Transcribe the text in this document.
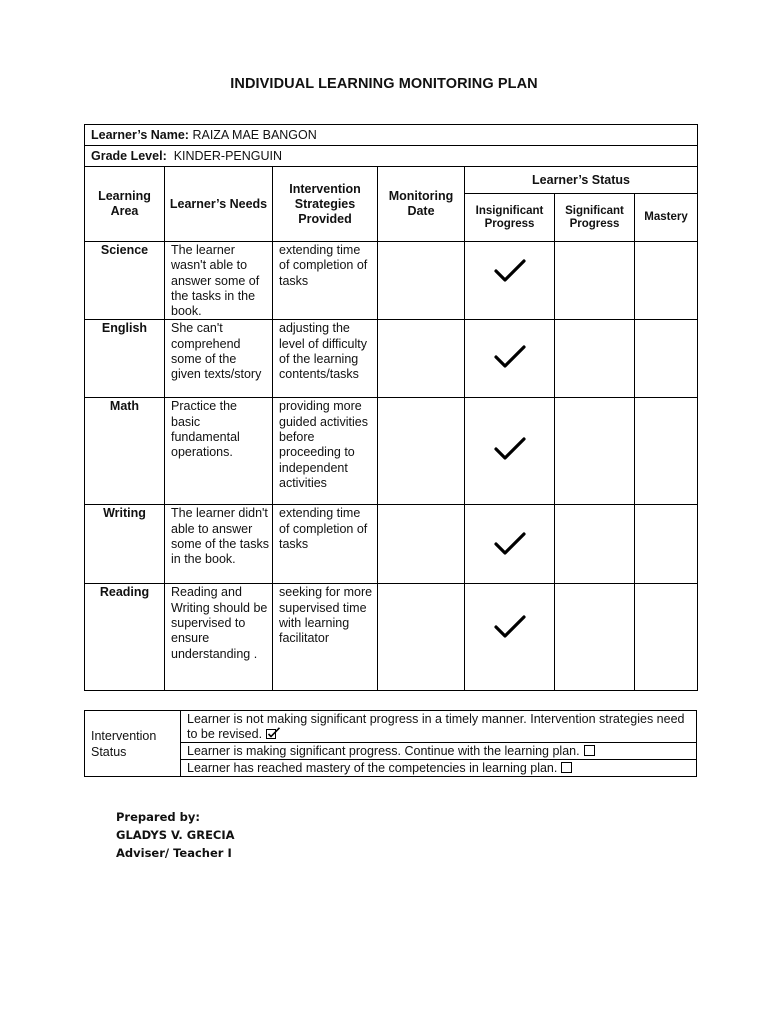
INDIVIDUAL LEARNING MONITORING PLAN
Learner’s Name: RAIZA MAE BANGON						
Grade Level: KINDER-PENGUIN						
Learning Area	Learner’s Needs	Intervention Strategies Provided	Monitoring Date	Learner’s Status		
				Insignificant Progress	Significant Progress	Mastery
Science	The learner wasn't able to answer some of the tasks in the book.	extending time of completion of tasks		

English	She can't comprehend some of the given texts/story	adjusting the level of difficulty of the learning contents/tasks		

Math	Practice the basic fundamental operations.	providing more guided activities before proceeding to independent activities		

Writing	The learner didn't able to answer some of the tasks in the book.	extending time of completion of tasks		

Reading	Reading and Writing should be supervised to ensure understanding .	seeking for more supervised time with learning facilitator		

Intervention Status	Learner is not making significant progress in a timely manner. Intervention strategies need to be revised.
Learner is making significant progress. Continue with the learning plan.
Learner has reached mastery of the competencies in learning plan.
Prepared by:
GLADYS V. GRECIA
Adviser/ Teacher I
